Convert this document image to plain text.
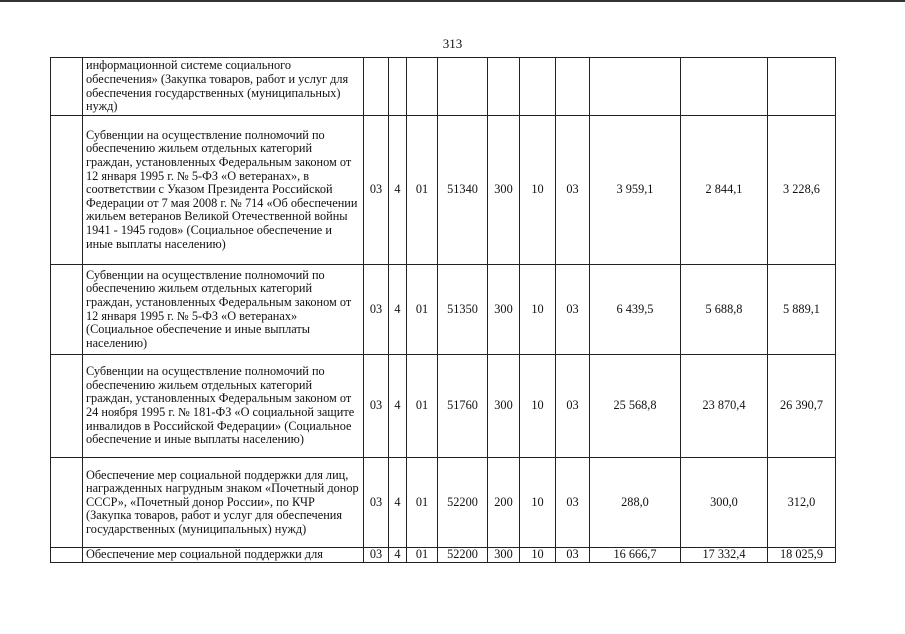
313
	информационной системе социального обеспечения» (Закупка товаров, работ и услуг для обеспечения государственных (муниципальных) нужд)										
	Субвенции на осуществление полномочий по обеспечению жильем отдельных категорий граждан, установленных Федеральным законом от 12 января 1995 г. № 5-ФЗ «О ветеранах», в соответствии с Указом Президента Российской Федерации от 7 мая 2008 г. № 714 «Об обеспечении жильем ветеранов Великой Отечественной войны 1941 - 1945 годов» (Социальное обеспечение и иные выплаты населению)	03	4	01	51340	300	10	03	3 959,1	2 844,1	3 228,6
	Субвенции на осуществление полномочий по обеспечению жильем отдельных категорий граждан, установленных Федеральным законом от 12 января 1995 г. № 5-ФЗ «О ветеранах» (Социальное обеспечение и иные выплаты населению)	03	4	01	51350	300	10	03	6 439,5	5 688,8	5 889,1
	Субвенции на осуществление полномочий по обеспечению жильем отдельных категорий граждан, установленных Федеральным законом от 24 ноября 1995 г. № 181-ФЗ «О социальной защите инвалидов в Российской Федерации» (Социальное обеспечение и иные выплаты населению)	03	4	01	51760	300	10	03	25 568,8	23 870,4	26 390,7
	Обеспечение мер социальной поддержки для лиц, награжденных нагрудным знаком «Почетный донор СССР», «Почетный донор России», по КЧР (Закупка товаров, работ и услуг для обеспечения государственных (муниципальных) нужд)	03	4	01	52200	200	10	03	288,0	300,0	312,0
	Обеспечение мер социальной поддержки для	03	4	01	52200	300	10	03	16 666,7	17 332,4	18 025,9
